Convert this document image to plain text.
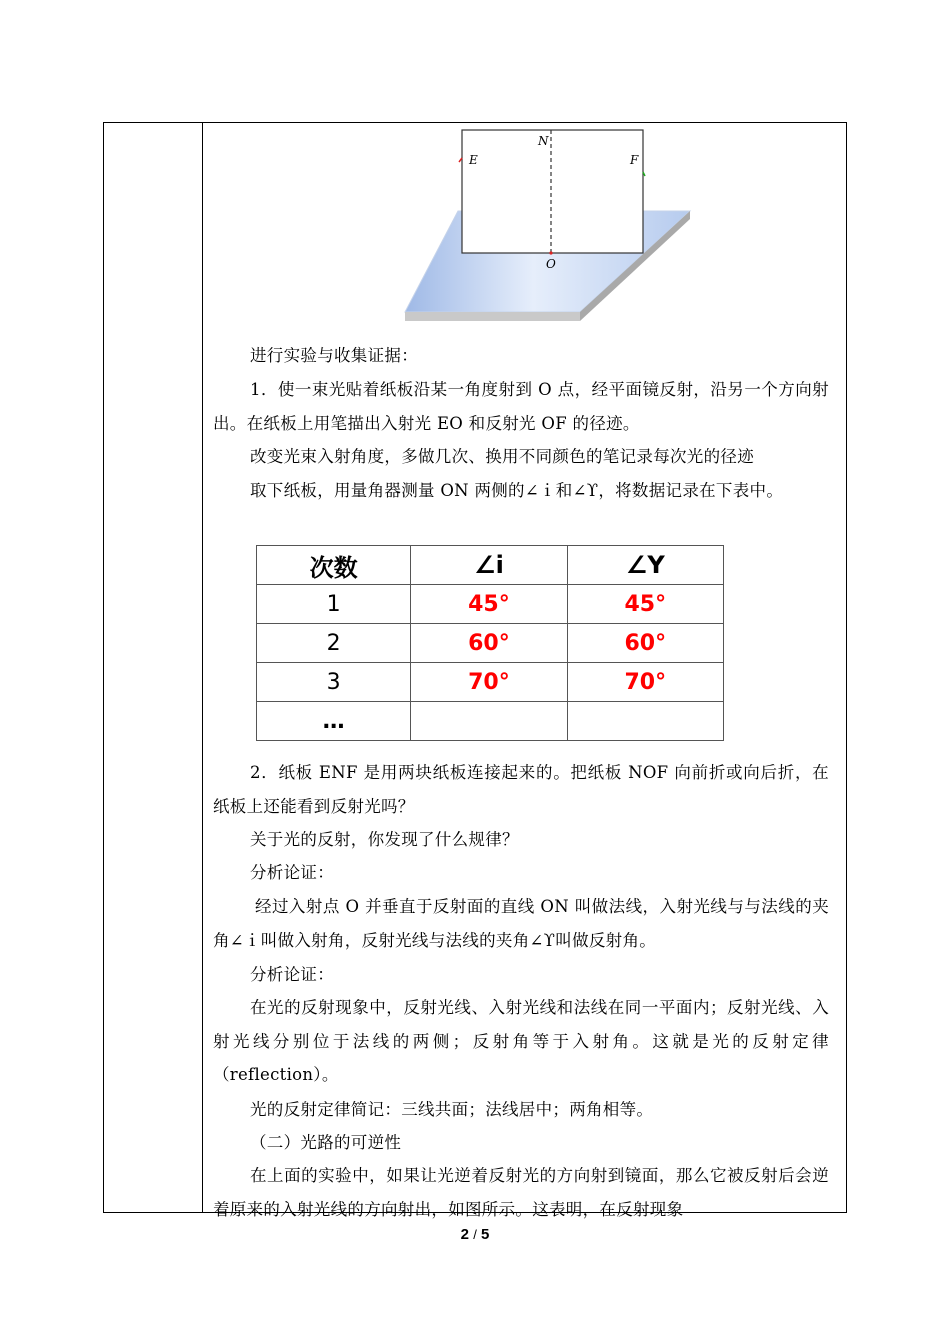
N
E	F
O
进行实验与收集证据：
1．使一束光贴着纸板沿某一角度射到 O 点，经平面镜反射，沿另一个方向射出。在纸板上用笔描出入射光 EO 和反射光 OF 的径迹。
改变光束入射角度，多做几次、换用不同颜色的笔记录每次光的径迹
取下纸板，用量角器测量 ON 两侧的∠ｉ和∠ϒ，将数据记录在下表中。
次数	∠i	∠Y
1	45°	45°
2	60°	60°
3	70°	70°
…		
2．纸板 ENF 是用两块纸板连接起来的。把纸板 NOF 向前折或向后折，在纸板上还能看到反射光吗？
关于光的反射，你发现了什么规律？
分析论证：
经过入射点 O 并垂直于反射面的直线 ON 叫做法线，入射光线与与法线的夹角∠ｉ叫做入射角，反射光线与法线的夹角∠ϒ叫做反射角。
分析论证：
在光的反射现象中，反射光线、入射光线和法线在同一平面内；反射光线、入射光线分别位于法线的两侧；反射角等于入射角。这就是光的反射定律（reflection）。
光的反射定律简记：三线共面；法线居中；两角相等。
（二）光路的可逆性
在上面的实验中，如果让光逆着反射光的方向射到镜面，那么它被反射后会逆着原来的入射光线的方向射出，如图所示。这表明，在反射现象
2 / 5
